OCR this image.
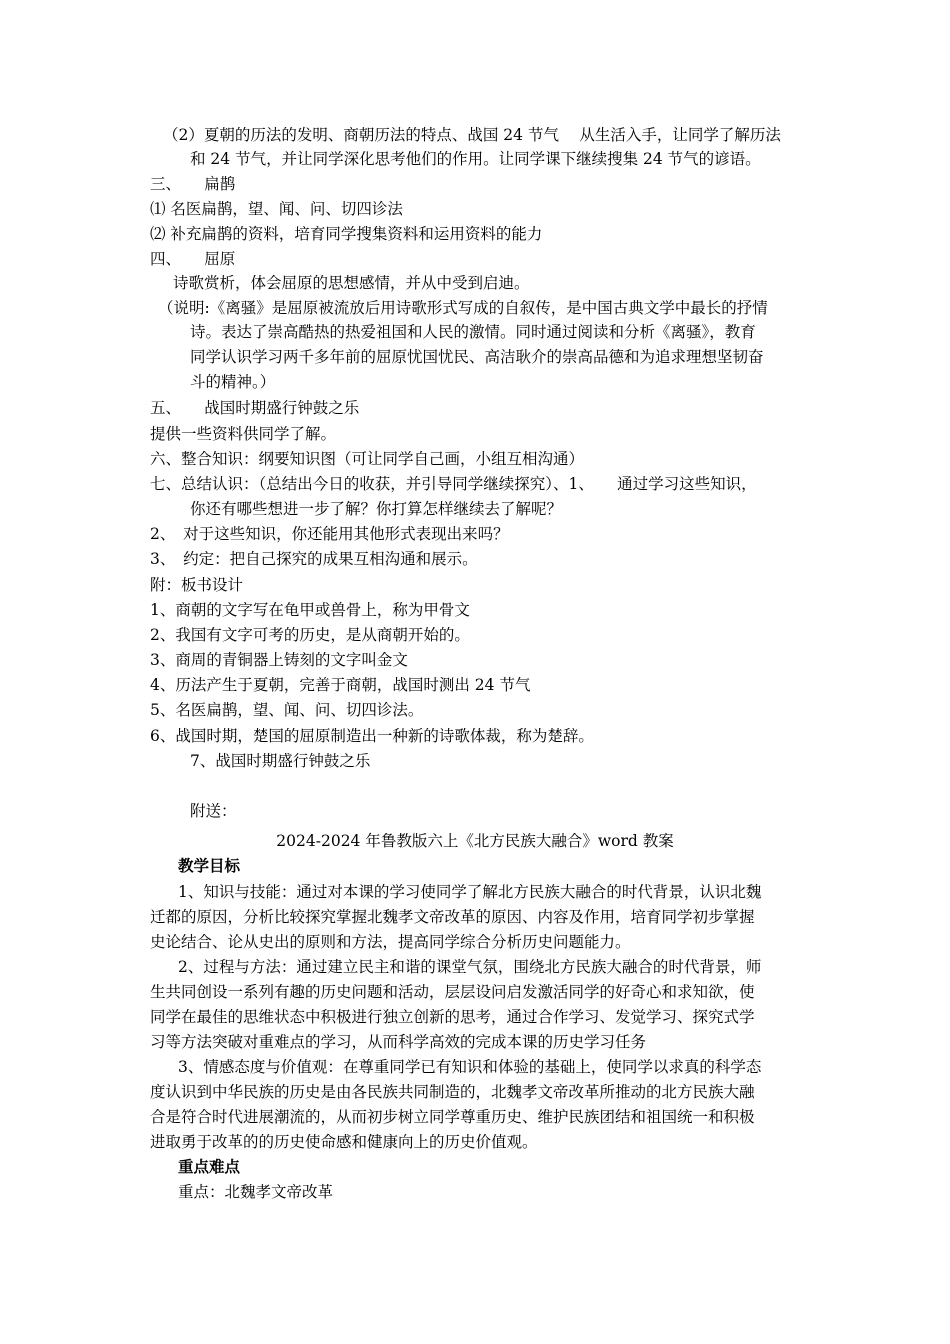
（2）夏朝的历法的发明、商朝历法的特点、战国 24 节气　 从生活入手，让同学了解历法
和 24 节气，并让同学深化思考他们的作用。让同学课下继续搜集 24 节气的谚语。
三、　　扁鹊
⑴ 名医扁鹊，望、闻、问、切四诊法
⑵ 补充扁鹊的资料，培育同学搜集资料和运用资料的能力
四、　　屈原
诗歌赏析，体会屈原的思想感情，并从中受到启迪。
（说明:《离骚》是屈原被流放后用诗歌形式写成的自叙传，是中国古典文学中最长的抒情
诗。表达了崇高酷热的热爱祖国和人民的激情。同时通过阅读和分析《离骚》，教育
同学认识学习两千多年前的屈原忧国忧民、高洁耿介的崇高品德和为追求理想坚韧奋
斗的精神。）
五、　　战国时期盛行钟鼓之乐
提供一些资料供同学了解。
六、整合知识：纲要知识图（可让同学自己画，小组互相沟通）
七、总结认识：（总结出今日的收获，并引导同学继续探究）、1、　　通过学习这些知识，
你还有哪些想进一步了解？你打算怎样继续去了解呢？
2、　对于这些知识，你还能用其他形式表现出来吗？
3、　约定：把自己探究的成果互相沟通和展示。
附：板书设计
1、商朝的文字写在龟甲或兽骨上，称为甲骨文
2、我国有文字可考的历史，是从商朝开始的。
3、商周的青铜器上铸刻的文字叫金文
4、历法产生于夏朝，完善于商朝，战国时测出 24 节气
5、名医扁鹊，望、闻、问、切四诊法。
6、战国时期，楚国的屈原制造出一种新的诗歌体裁，称为楚辞。
7、战国时期盛行钟鼓之乐
附送：
2024-2024 年鲁教版六上《北方民族大融合》word 教案
教学目标
1、知识与技能：通过对本课的学习使同学了解北方民族大融合的时代背景，认识北魏
迁都的原因，分析比较探究掌握北魏孝文帝改革的原因、内容及作用，培育同学初步掌握
史论结合、论从史出的原则和方法，提高同学综合分析历史问题能力。
2、过程与方法：通过建立民主和谐的课堂气氛，围绕北方民族大融合的时代背景，师
生共同创设一系列有趣的历史问题和活动，层层设问启发激活同学的好奇心和求知欲，使
同学在最佳的思维状态中积极进行独立创新的思考，通过合作学习、发觉学习、探究式学
习等方法突破对重难点的学习，从而科学高效的完成本课的历史学习任务
3、情感态度与价值观：在尊重同学已有知识和体验的基础上，使同学以求真的科学态
度认识到中华民族的历史是由各民族共同制造的，北魏孝文帝改革所推动的北方民族大融
合是符合时代进展潮流的，从而初步树立同学尊重历史、维护民族团结和祖国统一和积极
进取勇于改革的的历史使命感和健康向上的历史价值观。
重点难点
重点：北魏孝文帝改革
